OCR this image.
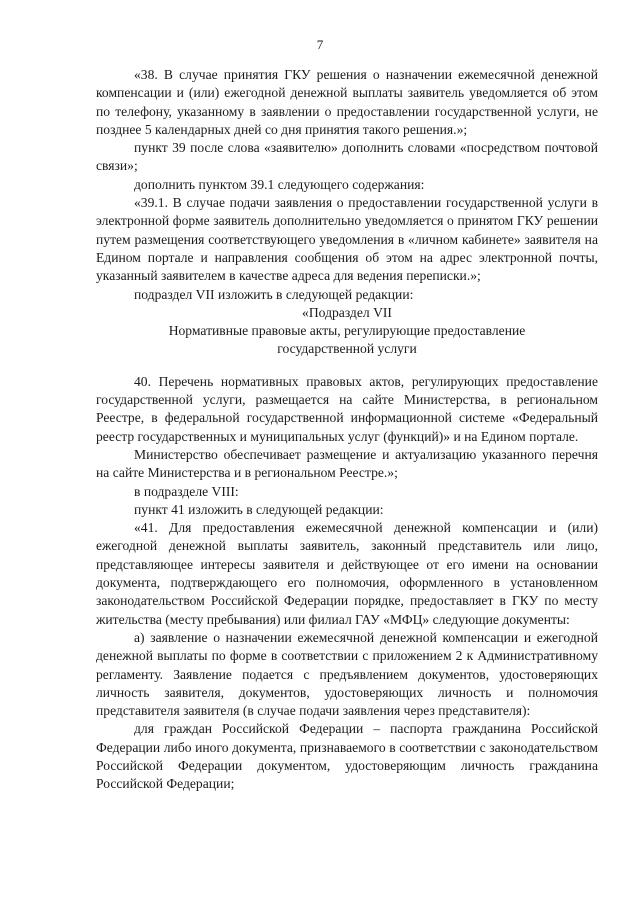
7

«38. В случае принятия ГКУ решения о назначении ежемесячной денежной компенсации и (или) ежегодной денежной выплаты заявитель уведомляется об этом по телефону, указанному в заявлении о предоставлении государственной услуги, не позднее 5 календарных дней со дня принятия такого решения.»;

пункт 39 после слова «заявителю» дополнить словами «посредством почтовой связи»;

дополнить пунктом 39.1 следующего содержания:

«39.1. В случае подачи заявления о предоставлении государственной услуги в электронной форме заявитель дополнительно уведомляется о принятом ГКУ решении путем размещения соответствующего уведомления в «личном кабинете» заявителя на Едином портале и направления сообщения об этом на адрес электронной почты, указанный заявителем в качестве адреса для ведения переписки.»;

подраздел VII изложить в следующей редакции:

«Подраздел VII

Нормативные правовые акты, регулирующие предоставление государственной услуги

40. Перечень нормативных правовых актов, регулирующих предоставление государственной услуги, размещается на сайте Министерства, в региональном Реестре, в федеральной государственной информационной системе «Федеральный реестр государственных и муниципальных услуг (функций)» и на Едином портале.

Министерство обеспечивает размещение и актуализацию указанного перечня на сайте Министерства и в региональном Реестре.»;

в подразделе VIII:

пункт 41 изложить в следующей редакции:

«41. Для предоставления ежемесячной денежной компенсации и (или) ежегодной денежной выплаты заявитель, законный представитель или лицо, представляющее интересы заявителя и действующее от его имени на основании документа, подтверждающего его полномочия, оформленного в установленном законодательством Российской Федерации порядке, предоставляет в ГКУ по месту жительства (месту пребывания) или филиал ГАУ «МФЦ» следующие документы:

а) заявление о назначении ежемесячной денежной компенсации и ежегодной денежной выплаты по форме в соответствии с приложением 2 к Административному регламенту. Заявление подается с предъявлением документов, удостоверяющих личность заявителя, документов, удостоверяющих личность и полномочия представителя заявителя (в случае подачи заявления через представителя):

для граждан Российской Федерации – паспорта гражданина Российской Федерации либо иного документа, признаваемого в соответствии с законодательством Российской Федерации документом, удостоверяющим личность гражданина Российской Федерации;
